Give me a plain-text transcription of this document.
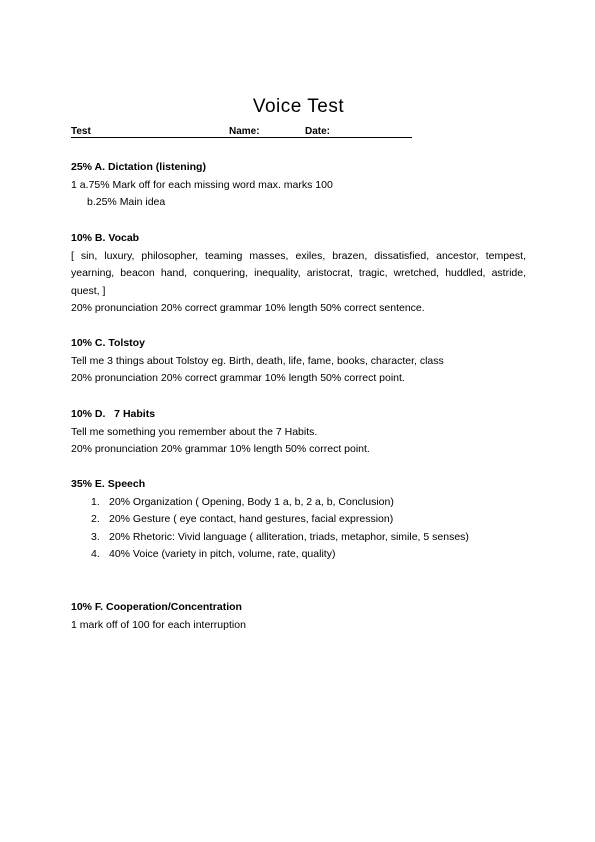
Voice Test
Test	Name:	Date:
25% A. Dictation (listening)
1 a.75% Mark off for each missing word max. marks 100
b.25% Main idea
10% B. Vocab
[ sin, luxury, philosopher, teaming masses, exiles, brazen, dissatisfied, ancestor, tempest, yearning, beacon hand, conquering, inequality, aristocrat, tragic, wretched, huddled, astride, quest, ]
20% pronunciation 20% correct grammar 10% length 50% correct sentence.
10% C. Tolstoy
Tell me 3 things about Tolstoy eg. Birth, death, life, fame, books, character, class
20% pronunciation 20% correct grammar 10% length 50% correct point.
10% D.   7 Habits
Tell me something you remember about the 7 Habits.
20% pronunciation 20% grammar 10% length 50% correct point.
35% E. Speech
1. 20% Organization ( Opening, Body 1 a, b, 2 a, b, Conclusion)
2. 20% Gesture ( eye contact, hand gestures, facial expression)
3. 20% Rhetoric: Vivid language ( alliteration, triads, metaphor, simile, 5 senses)
4. 40% Voice (variety in pitch, volume, rate, quality)
10% F. Cooperation/Concentration
1 mark off of 100 for each interruption
